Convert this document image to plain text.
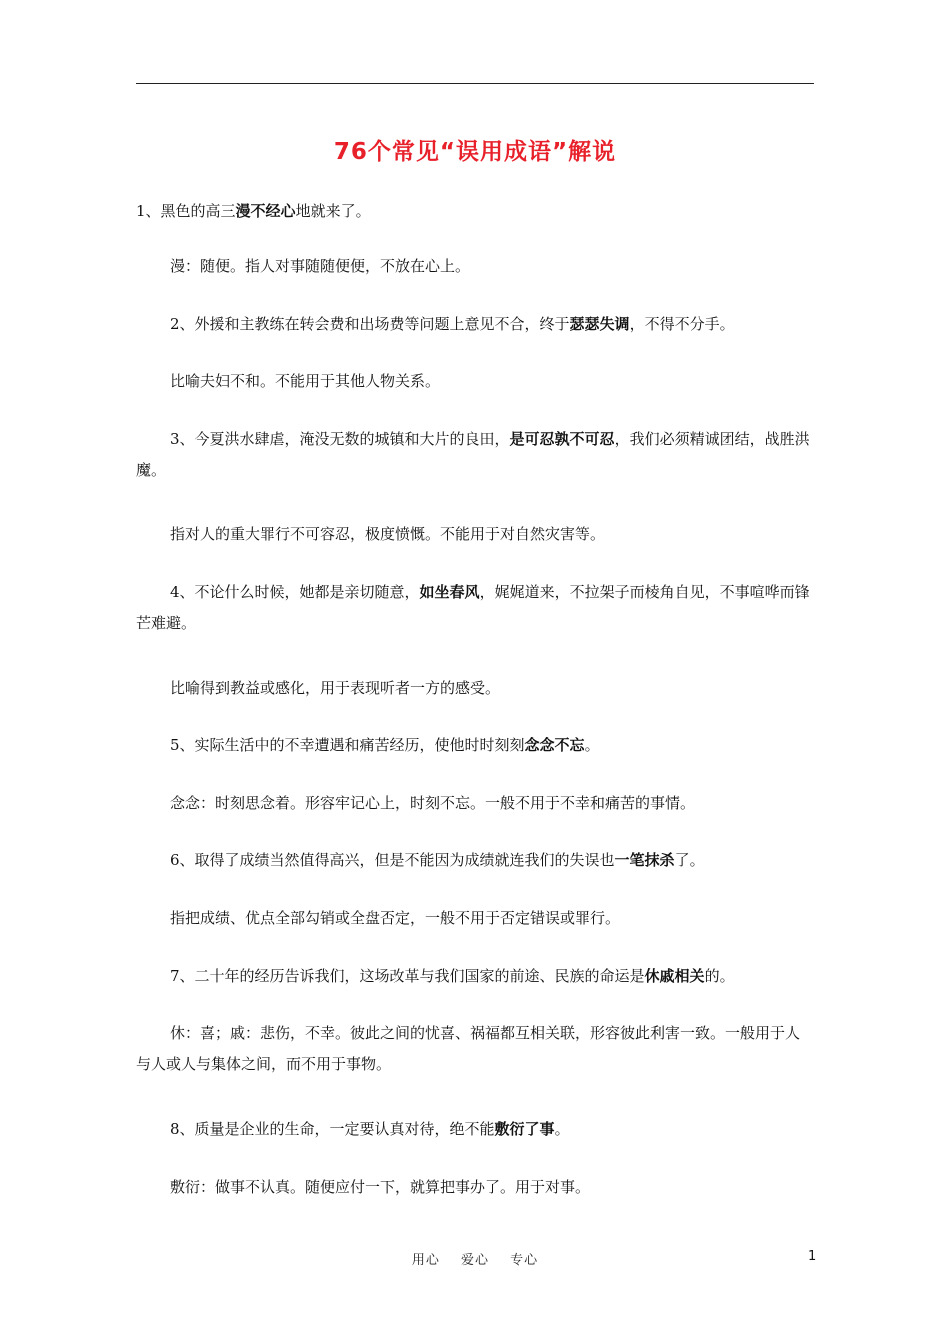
76个常见“误用成语”解说
1、黑色的高三漫不经心地就来了。
漫：随便。指人对事随随便便，不放在心上。
2、外援和主教练在转会费和出场费等问题上意见不合，终于瑟瑟失调，不得不分手。
比喻夫妇不和。不能用于其他人物关系。
3、今夏洪水肆虐，淹没无数的城镇和大片的良田，是可忍孰不可忍，我们必须精诚团结，战胜洪魔。
指对人的重大罪行不可容忍，极度愤慨。不能用于对自然灾害等。
4、不论什么时候，她都是亲切随意，如坐春风，娓娓道来，不拉架子而棱角自见，不事喧哗而锋芒难避。
比喻得到教益或感化，用于表现听者一方的感受。
5、实际生活中的不幸遭遇和痛苦经历，使他时时刻刻念念不忘。
念念：时刻思念着。形容牢记心上，时刻不忘。一般不用于不幸和痛苦的事情。
6、取得了成绩当然值得高兴，但是不能因为成绩就连我们的失误也一笔抹杀了。
指把成绩、优点全部勾销或全盘否定，一般不用于否定错误或罪行。
7、二十年的经历告诉我们，这场改革与我们国家的前途、民族的命运是休戚相关的。
休：喜；戚：悲伤，不幸。彼此之间的忧喜、祸福都互相关联，形容彼此利害一致。一般用于人与人或人与集体之间，而不用于事物。
8、质量是企业的生命，一定要认真对待，绝不能敷衍了事。
敷衍：做事不认真。随便应付一下，就算把事办了。用于对事。
用心 爱心 专心	1
